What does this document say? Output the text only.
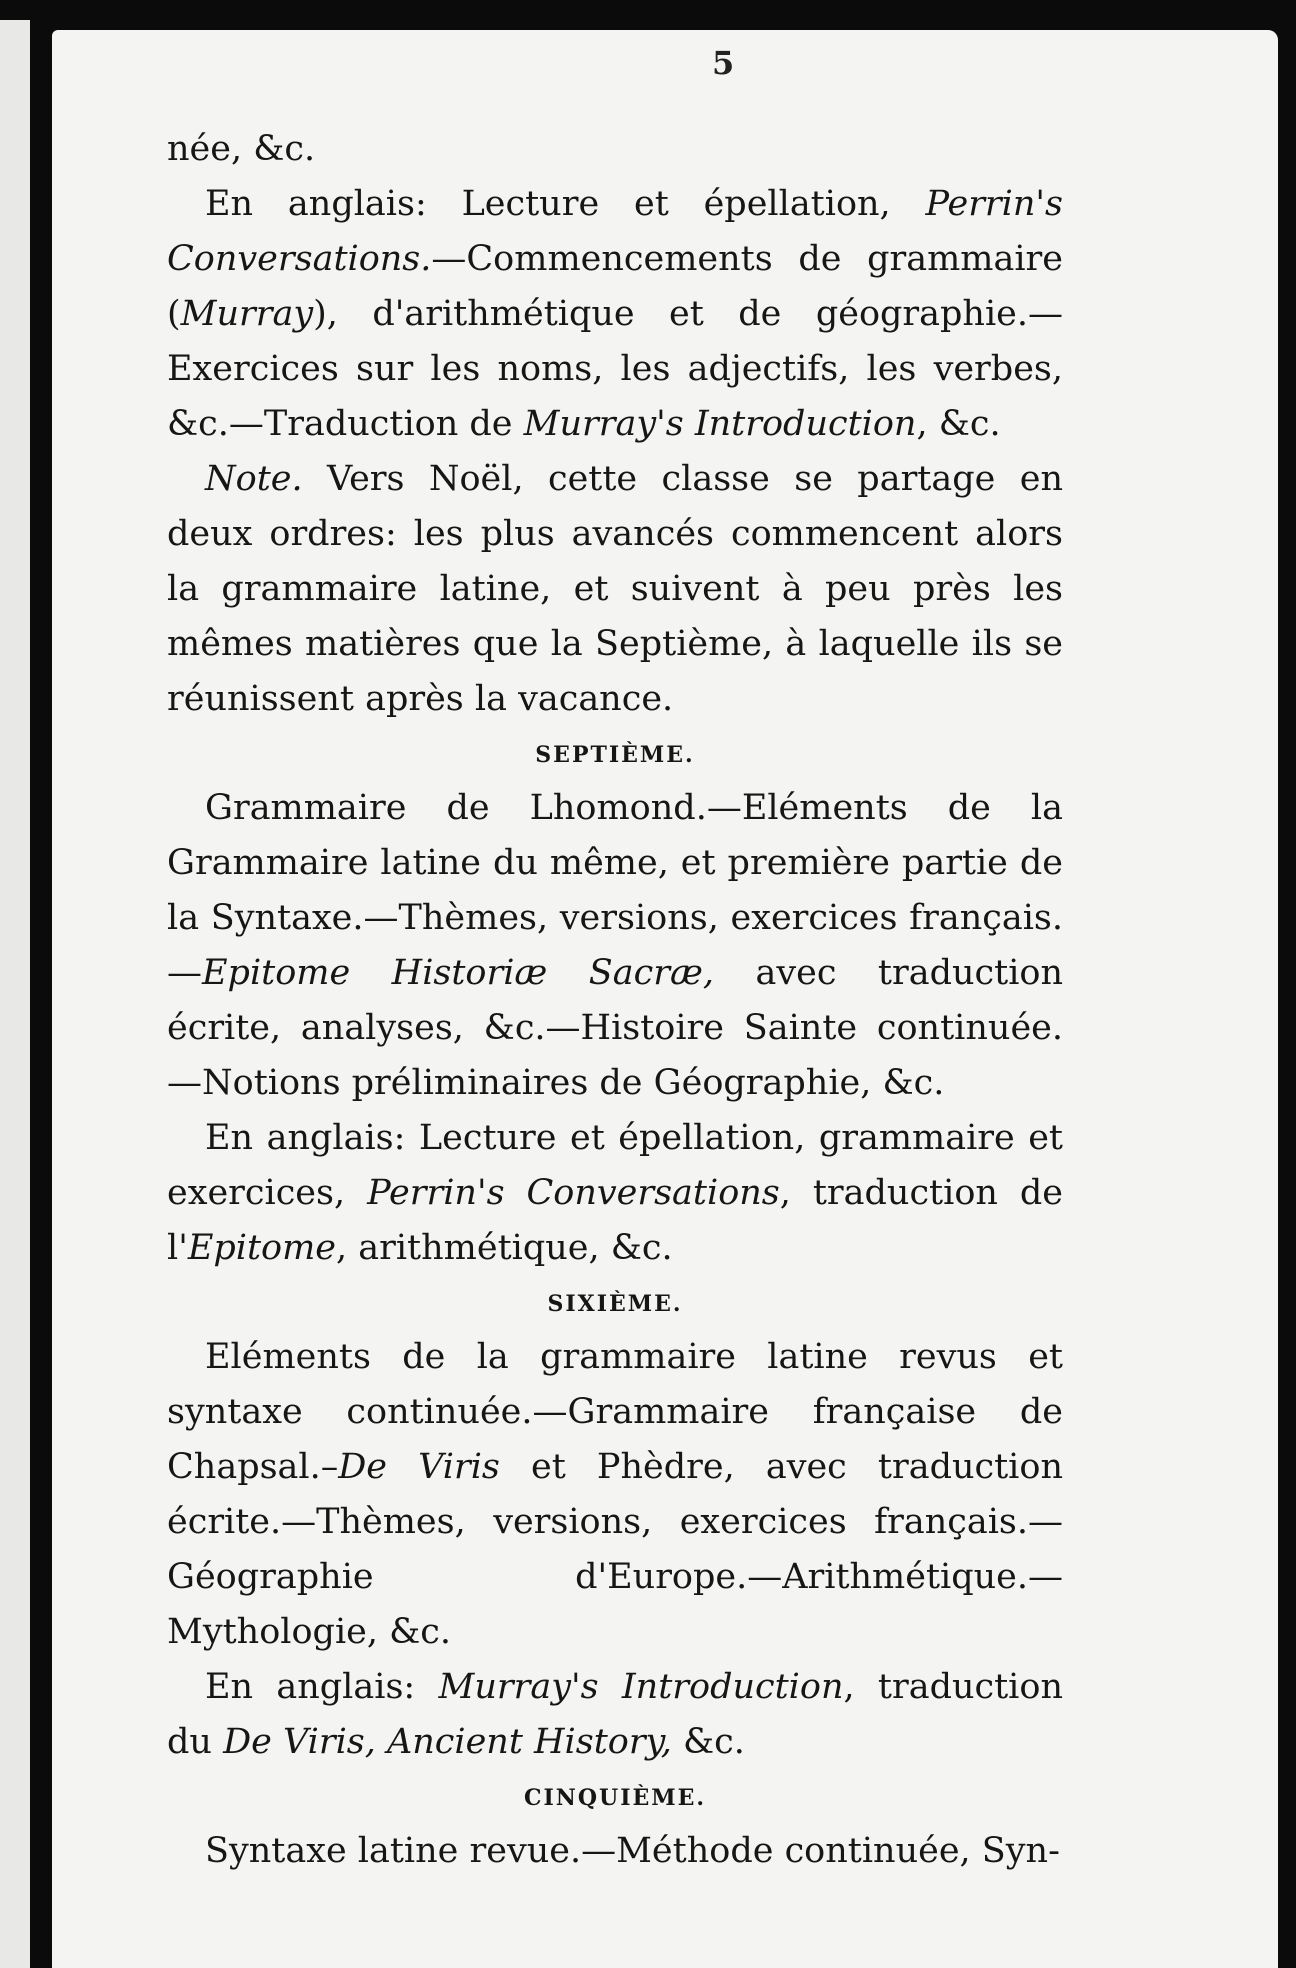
5

née, &c.

En anglais: Lecture et épellation, Perrin's Conversations.—Commencements de grammaire (Murray), d'arithmétique et de géographie.—Exercices sur les noms, les adjectifs, les verbes, &c.—Traduction de Murray's Introduction, &c.

Note. Vers Noël, cette classe se partage en deux ordres: les plus avancés commencent alors la grammaire latine, et suivent à peu près les mêmes matières que la Septième, à laquelle ils se réunissent après la vacance.

SEPTIÈME.

Grammaire de Lhomond.—Eléments de la Grammaire latine du même, et première partie de la Syntaxe.—Thèmes, versions, exercices français.—Epitome Historiæ Sacræ, avec traduction écrite, analyses, &c.—Histoire Sainte continuée.—Notions préliminaires de Géographie, &c.

En anglais: Lecture et épellation, grammaire et exercices, Perrin's Conversations, traduction de l'Epitome, arithmétique, &c.

SIXIÈME.

Eléments de la grammaire latine revus et syntaxe continuée.—Grammaire française de Chapsal.–De Viris et Phèdre, avec traduction écrite.—Thèmes, versions, exercices français.—Géographie d'Europe.—Arithmétique.—Mythologie, &c.

En anglais: Murray's Introduction, traduction du De Viris, Ancient History, &c.

CINQUIÈME.

Syntaxe latine revue.—Méthode continuée, Syn-
